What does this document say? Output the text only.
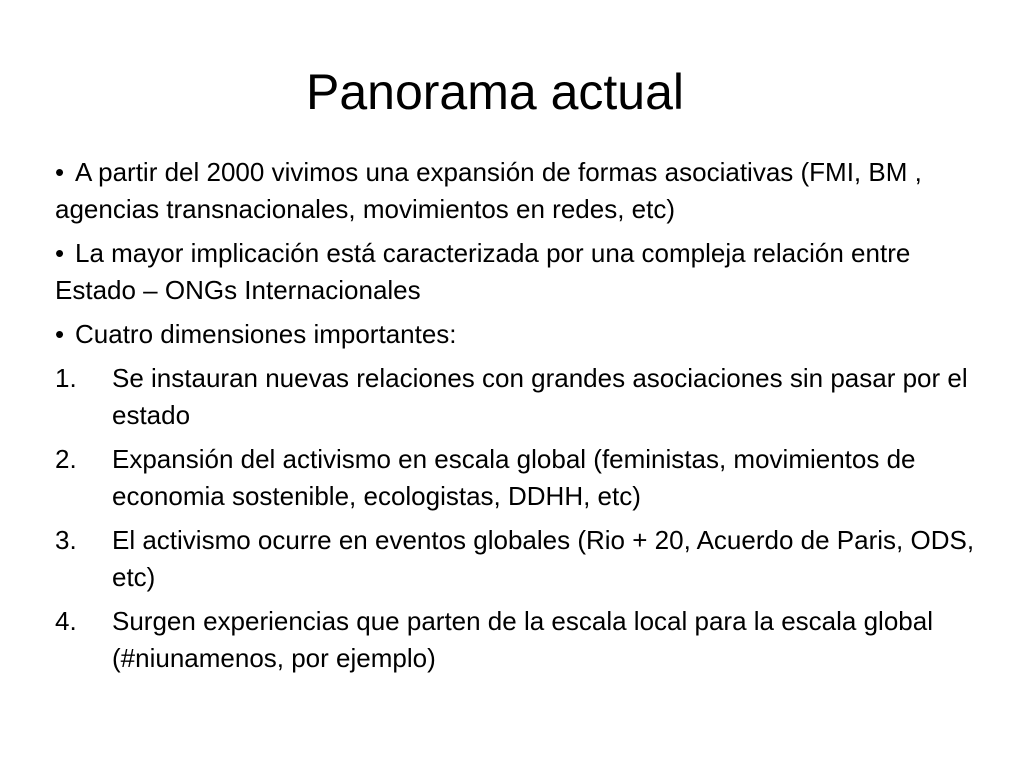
Panorama actual
• A partir del 2000 vivimos una expansión de formas asociativas (FMI, BM , agencias transnacionales, movimientos en redes, etc)
• La mayor implicación está caracterizada por una compleja relación entre Estado – ONGs Internacionales
• Cuatro dimensiones importantes:
1.	Se instauran nuevas relaciones con grandes asociaciones sin pasar por el estado
2.	Expansión del activismo en escala global (feministas, movimientos de economia sostenible, ecologistas, DDHH, etc)
3.	El activismo ocurre en eventos globales (Rio + 20, Acuerdo de Paris, ODS, etc)
4.	Surgen experiencias que parten de la escala local para la escala global (#niunamenos, por ejemplo)
